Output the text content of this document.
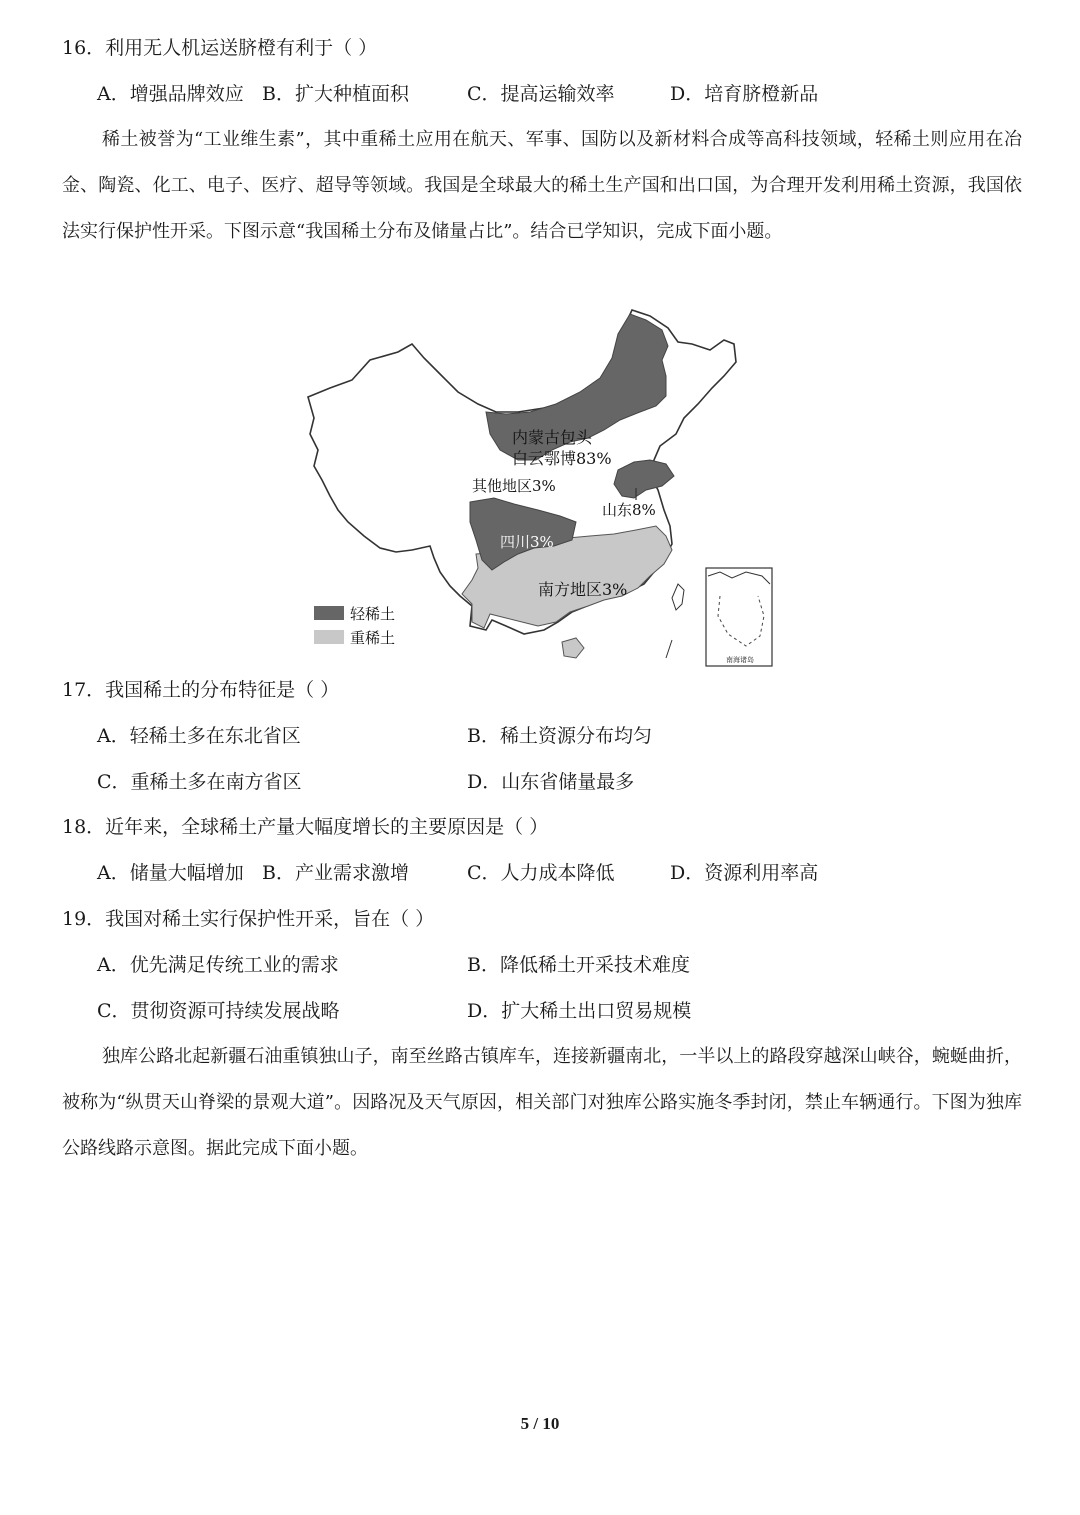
16．利用无人机运送脐橙有利于（ ）
A．增强品牌效应 B．扩大种植面积	C．提高运输效率	D．培育脐橙新品
稀土被誉为“工业维生素”，其中重稀土应用在航天、军事、国防以及新材料合成等高科技领域，轻稀土则应用在冶金、陶瓷、化工、电子、医疗、超导等领域。我国是全球最大的稀土生产国和出口国，为合理开发利用稀土资源，我国依法实行保护性开采。下图示意“我国稀土分布及储量占比”。结合已学知识，完成下面小题。
内蒙古包头
白云鄂博83%
其他地区3%
山东8%
四川3%
南方地区3%
轻稀土
重稀土
南海诸岛
17．我国稀土的分布特征是（ ）
A．轻稀土多在东北省区	B．稀土资源分布均匀
C．重稀土多在南方省区	D．山东省储量最多
18．近年来，全球稀土产量大幅度增长的主要原因是（ ）
A．储量大幅增加 B．产业需求激增	C．人力成本降低	D．资源利用率高
19．我国对稀土实行保护性开采，旨在（ ）
A．优先满足传统工业的需求	B．降低稀土开采技术难度
C．贯彻资源可持续发展战略	D．扩大稀土出口贸易规模
独库公路北起新疆石油重镇独山子，南至丝路古镇库车，连接新疆南北，一半以上的路段穿越深山峡谷，蜿蜒曲折，被称为“纵贯天山脊梁的景观大道”。因路况及天气原因，相关部门对独库公路实施冬季封闭，禁止车辆通行。下图为独库公路线路示意图。据此完成下面小题。
5 / 10
